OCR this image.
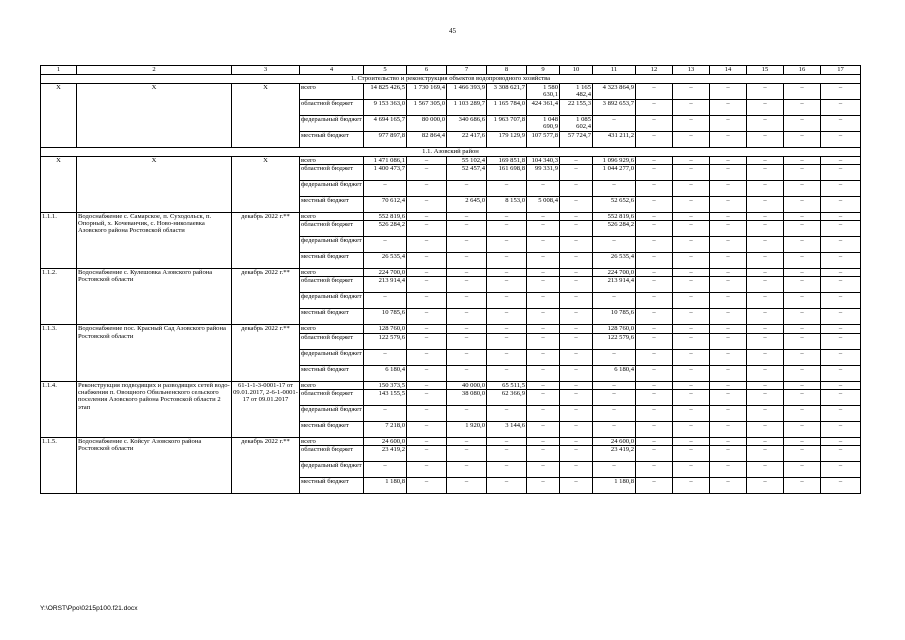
45
1	2	3	4	5	6	7	8	9	10	11	12	13	14	15	16	17
1. Строительство и реконструкция объектов водопроводного хозяйства																
Х	Х	Х	всего	14 825 426,5	1 730 169,4	1 466 393,9	3 308 621,7	1 580 630,1	1 165 482,4	4 323 864,9	–	–	–	–	–	–
			областной бюджет	9 153 363,0	1 567 305,0	1 103 289,7	1 165 784,0	424 361,4	22 155,3	3 892 653,7	–	–	–	–	–	–
			федеральный бюджет	4 694 165,7	80 000,0	340 686,6	1 963 707,8	1 048 690,9	1 085 602,4	–	–	–	–	–	–	–
			местный бюджет	977 897,8	82 864,4	22 417,6	179 129,9	107 577,8	57 724,7	431 211,2	–	–	–	–	–	–
1.1. Азовский район																
Х	Х	Х	всего	1 471 086,1	–	55 102,4	169 851,8	104 340,3	–	1 096 929,6	–	–	–	–	–	–
			областной бюджет	1 400 473,7	–	52 457,4	161 698,8	99 331,9	–	1 044 277,0	–	–	–	–	–	–
			федеральный бюджет	–	–	–	–	–	–	–	–	–	–	–	–	–
			местный бюджет	70 612,4	–	2 645,0	8 153,0	5 008,4	–	52 652,6	–	–	–	–	–	–
1.1.1.	Водоснабжение с. Самарское, п. Суходольск, п. Опорный, х. Кочеванчик, с. Ново-николаевка Азовского района Ростовской области	декабрь 2022 г.**	всего	552 819,6	–	–	–	–	–	552 819,6	–	–	–	–	–	–
			областной бюджет	526 284,2	–	–	–	–	–	526 284,2	–	–	–	–	–	–
			федеральный бюджет	–	–	–	–	–	–	–	–	–	–	–	–	–
			местный бюджет	26 535,4	–	–	–	–	–	26 535,4	–	–	–	–	–	–
1.1.2.	Водоснабжение с. Кулешовка Азовского района Ростовской области	декабрь 2022 г.**	всего	224 700,0	–	–	–	–	–	224 700,0	–	–	–	–	–	–
			областной бюджет	213 914,4	–	–	–	–	–	213 914,4	–	–	–	–	–	–
			федеральный бюджет	–	–	–	–	–	–	–	–	–	–	–	–	–
			местный бюджет	10 785,6	–	–	–	–	–	10 785,6	–	–	–	–	–	–
1.1.3.	Водоснабжение пос. Красный Сад Азовского района Ростовской области	декабрь 2022 г.**	всего	128 760,0	–	–	–	–	–	128 760,0	–	–	–	–	–	–
			областной бюджет	122 579,6	–	–	–	–	–	122 579,6	–	–	–	–	–	–
			федеральный бюджет	–	–	–	–	–	–	–	–	–	–	–	–	–
			местный бюджет	6 180,4	–	–	–	–	–	6 180,4	–	–	–	–	–	–
1.1.4.	Реконструкция подводящих и разводящих сетей водо-снабжения п. Овощного Обильненского сельского поселения Азовского района Ростовской области 2 этап	61-1-1-3-0001-17 от 09.01.2017, 2-6-1-0001-17 от 09.01.2017	всего	150 373,5	–	40 000,0	65 511,5	–	–	–	–	–	–	–	–	–
			областной бюджет	143 155,5	–	38 080,0	62 366,9	–	–	–	–	–	–	–	–	–
			федеральный бюджет	–	–	–	–	–	–	–	–	–	–	–	–	–
			местный бюджет	7 218,0	–	1 920,0	3 144,6	–	–	–	–	–	–	–	–	–
1.1.5.	Водоснабжение с. Койсуг Азовского района Ростовской области	декабрь 2022 г.**	всего	24 600,0	–	–	–	–	–	24 600,0	–	–	–	–	–	–
			областной бюджет	23 419,2	–	–	–	–	–	23 419,2	–	–	–	–	–	–
			федеральный бюджет	–	–	–	–	–	–	–	–	–	–	–	–	–
			местный бюджет	1 180,8	–	–	–	–	–	1 180,8	–	–	–	–	–	–
Y:\ORST\Ppo\0215p100.f21.docx
